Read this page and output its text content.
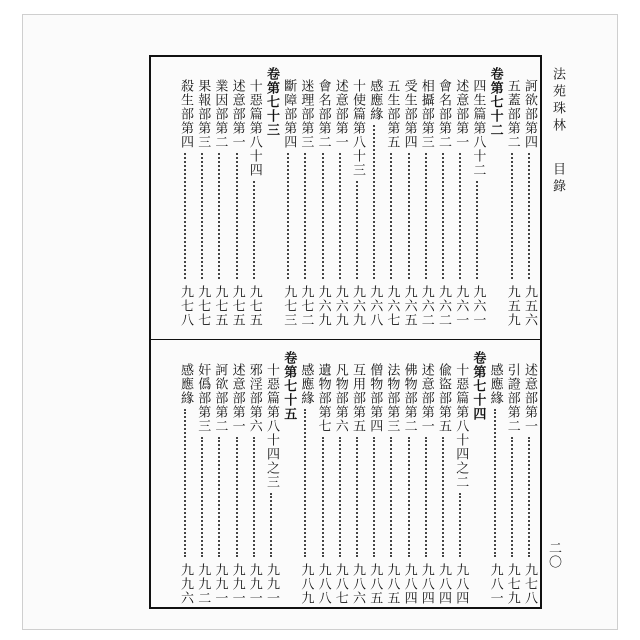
法苑珠林
目錄
二〇
訶欲部第四
九五六
五蓋部第二
九五九
卷第七十二
四生篇第八十二
九六一
述意部第一
九六一
會名部第二
九六二
相攝部第三
九六二
受生部第四
九六五
五生部第五
九六七
感應緣
九六八
十使篇第八十三
九六九
述意部第一
九六九
會名部第二
九六九
迷理部第三
九七二
斷障部第四
九七三
卷第七十三
十惡篇第八十四
九七五
述意部第一
九七五
業因部第二
九七五
果報部第三
九七七
殺生部第四
九七八
述意部第一
九七八
引證部第二
九七九
感應緣
九八一
卷第七十四
十惡篇第八十四之二
九八四
偸盜部第五
九八四
述意部第一
九八四
佛物部第二
九八四
法物部第三
九八五
僧物部第四
九八五
互用部第五
九八六
凡物部第六
九八七
遺物部第七
九八八
感應緣
九八九
卷第七十五
十惡篇第八十四之三
九九一
邪淫部第六
九九一
述意部第一
九九一
訶欲部第二
九九一
奸僞部第三
九九二
感應緣
九九六
